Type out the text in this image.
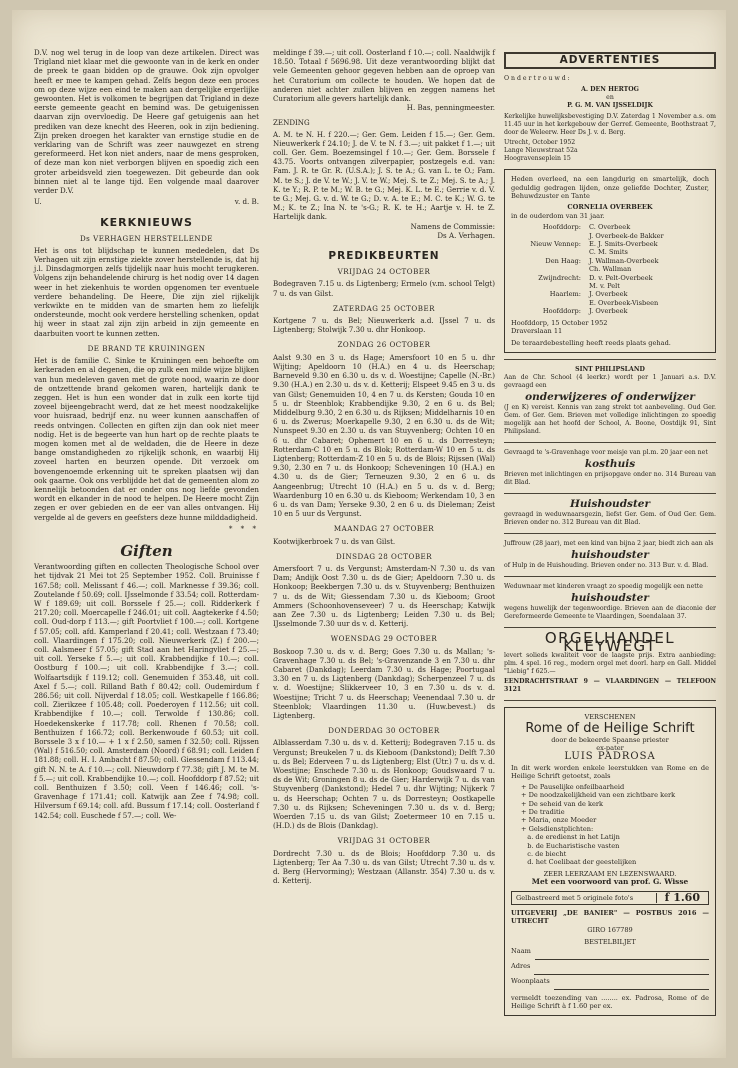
D.V. nog wel terug in de loop van deze artikelen. Direct was Trigland niet klaar met die gewoonte van in de kerk en onder de preek te gaan bidden op de grauwe. Ook zijn opvolger heeft er mee te kampen gehad. Zelfs begon deze een proces om op deze wijze een eind te maken aan dergelijke ergerlijke gewoonten. Het is volkomen te begrijpen dat Trigland in deze eerste gemeente geacht en bemind was. De getuigenissen daarvan zijn overvloedig. De Heere gaf getuigenis aan het prediken van deze knecht des Heeren, ook in zijn bediening. Zijn preken droegen het karakter van ernstige studie en de verklaring van de Schrift was zeer nauwgezet en streng gereformeerd. Het kon niet anders, naar de mens gesproken, of deze man kon niet verborgen blijven en spoedig zich een groter arbeidsveld zien toegewezen. Dit gebeurde dan ook binnen niet al te lange tijd. Een volgende maal daarover verder D.V.

U.	v. d. B.
KERKNIEUWS
Ds VERHAGEN HERSTELLENDE

Het is ons tot blijdschap te kunnen mededelen, dat Ds Verhagen uit zijn ernstige ziekte zover herstellende is, dat hij j.l. Dinsdagmorgen zelfs tijdelijk naar huis mocht terugkeren. Volgens zijn behandelende chirurg is het nodig over 14 dagen weer in het ziekenhuis te worden opgenomen ter eventuele verdere behandeling. De Heere, Die zijn ziel rijkelijk verkwikte en te midden van de smarten hem zo liefelijk ondersteunde, mocht ook verdere herstelling schenken, opdat hij weer in staat zal zijn zijn arbeid in zijn gemeente en daarbuiten voort te kunnen zetten.

DE BRAND TE KRUININGEN

Het is de familie C. Sinke te Kruiningen een behoefte om kerkeraden en al degenen, die op zulk een milde wijze blijken van hun medeleven gaven met de grote nood, waarin ze door de ontzettende brand gekomen waren, hartelijk dank te zeggen. Het is hun een wonder dat in zulk een korte tijd zoveel bijeengebracht werd, dat ze het meest noodzakelijke voor huisraad, bedrijf enz. nu weer kunnen aanschaffen of reeds ontvingen. Collecten en giften zijn dan ook niet meer nodig. Het is de begeerte van hun hart op de rechte plaats te mogen komen met al de weldaden, die de Heere in deze bange omstandigheden zo rijkelijk schonk, en waarbij Hij zoveel harten en beurzen opende. Dit verzoek om bovengenoemde erkenning uit te spreken plaatsen wij dan ook gaarne. Ook ons verblijdde het dat de gemeenten alom zo kennelijk betoonden dat er onder ons nog liefde gevonden wordt en elkander in de nood te helpen. De Heere mocht Zijn zegen er over gebieden en de eer van alles ontvangen. Hij vergelde al de gevers en geefsters deze hunne milddadigheid.

* * *
Giften

Verantwoording giften en collecten Theologische School over het tijdvak 21 Mei tot 25 September 1952. Coll. Bruinisse f 167.58; coll. Melissant f 46.—; coll. Marknesse f 39.36; coll. Zoutelande f 50.69; coll. IJsselmonde f 33.54; coll. Rotterdam-W f 189.69; uit coll. Borssele f 25.—; coll. Ridderkerk f 217.20; coll. Moercapelle f 246.01; uit coll. Aagtekerke f 4.50; coll. Oud-dorp f 113.—; gift Poortvliet f 100.—; coll. Kortgene f 57.05; coll. afd. Kamperland f 20.41; coll. Westzaan f 73.40; coll. Vlaardingen f 175.20; coll. Nieuwerkerk (Z.) f 200.—; coll. Aalsmeer f 57.05; gift Stad aan het Haringvliet f 25.—; uit coll. Yerseke f 5.—; uit coll. Krabbendijke f 10.—; coll. Oostburg f 100.—; uit coll. Krabbendijke f 3.—; coll. Wolfaartsdijk f 119.12; coll. Genemuiden f 353.48, uit coll. Axel f 5.—; coll. Rilland Bath f 80.42; coll. Oudemirdum f 286.56; uit coll. Nijverdal f 18.05; coll. Westkapelle f 166.86; coll. Zierikzee f 105.48; coll. Poederoyen f 112.56; uit coll. Krabbendijke f 10.—; coll. Terwolde f 130.86; coll. Hoedekenskerke f 117.78; coll. Rhenen f 70.58; coll. Benthuizen f 166.72; coll. Berkenwoude f 60.53; uit coll. Borssele 3 x f 10.— + 1 x f 2.50, samen f 32.50; coll. Rijssen (Wal) f 516.50; coll. Amsterdam (Noord) f 68.91; coll. Leiden f 181.88; coll. H. I. Ambacht f 87.50; coll. Giessendam f 113.44; gift N. N. te A. f 10.—; coll. Nieuwdorp f 77.38; gift J. M. te M. f 5.—; uit coll. Krabbendijke 10.—; coll. Hoofddorp f 87.52; uit coll. Benthuizen f 3.50; coll. Veen f 146.46; coll. 's-Gravenhage f 171.41; coll. Katwijk aan Zee f 74.98; coll. Hilversum f 69.14; coll. afd. Bussum f 17.14; coll. Oosterland f 142.54; coll. Euschede f 57.—; coll. We-

meldinge f 39.—; uit coll. Oosterland f 10.—; coll. Naaldwijk f 18.50. Totaal f 5696.98. Uit deze verantwoording blijkt dat vele Gemeenten gehoor gegeven hebben aan de oproep van het Curatorium om collecte te houden. We hopen dat de anderen niet achter zullen blijven en zeggen namens het Curatorium alle gevers hartelijk dank.

H. Bas, penningmeester.
ZENDING

A. M. te N. H. f 220.—; Ger. Gem. Leiden f 15.—; Ger. Gem. Nieuwerkerk f 24.10; J. de V. te N. f 3.—; uit pakket f 1.—; uit coll. Ger. Gem. Boezemsingel f 10.—; Ger. Gem. Borssele f 43.75. Voorts ontvangen zilverpapier, postzegels e.d. van: Fam. J. R. te Gr. R. (U.S.A.); J. S. te A.; G. van L. te O.; Fam. M. te S.; J. de V. te W.; J. V. te W.; Mej. S. te Z.; Mej. S. te A.; J. K. te Y.; R. P. te M.; W. B. te G.; Mej. K. L. te E.; Gerrie v. d. V. te G.; Mej. G. v. d. W. te G.; D. v. A. te E.; M. C. te K.; W. G. te M.; K. te Z.; Ina N. te 's-G.; R. K. te H.; Aartje v. H. te Z. Hartelijk dank.

Namens de Commissie:
Ds A. Verhagen.
PREDIKBEURTEN
VRIJDAG 24 OCTOBER

Bodegraven 7.15 u. ds Ligtenberg; Ermelo (v.m. school Telgt) 7 u. ds van Gilst.

ZATERDAG 25 OCTOBER

Kortgene 7 u. ds Bel; Nieuwerkerk a.d. IJssel 7 u. ds Ligtenberg; Stolwijk 7.30 u. dhr Honkoop.

ZONDAG 26 OCTOBER

Aalst 9.30 en 3 u. ds Hage; Amersfoort 10 en 5 u. dhr Wijting; Apeldoorn 10 (H.A.) en 4 u. ds Heerschap; Barneveld 9.30 en 6.30 u. ds v. d. Woestijne; Capelle (N.-Br.) 9.30 (H.A.) en 2.30 u. ds v. d. Ketterij; Elspeet 9.45 en 3 u. ds van Gilst; Genemuiden 10, 4 en 7 u. ds Kersten; Gouda 10 en 5 u. dr Steenblok; Krabbendijke 9.30, 2 en 6 u. ds Bel; Middelburg 9.30, 2 en 6.30 u. ds Rijksen; Middelharnis 10 en 6 u. ds Zwerus; Moerkapelle 9.30, 2 en 6.30 u. ds de Wit; Nunspeet 9.30 en 2.30 u. ds van Stuyvenberg; Ochten 10 en 6 u. dhr Cabaret; Ophemert 10 en 6 u. ds Dorresteyn; Rotterdam-C 10 en 5 u. ds Blok; Rotterdam-W 10 en 5 u. ds Ligtenberg; Rotterdam-Z 10 en 5 u. ds de Blois; Rijssen (Wal) 9.30, 2.30 en 7 u. ds Honkoop; Scheveningen 10 (H.A.) en 4.30 u. ds de Gier; Terneuzen 9.30, 2 en 6 u. ds Aangeenbrug; Utrecht 10 (H.A.) en 5 u. ds v. d. Berg; Waardenburg 10 en 6.30 u. ds Kieboom; Werkendam 10, 3 en 6 u. ds van Dam; Yerseke 9.30, 2 en 6 u. ds Dieleman; Zeist 10 en 5 uur ds Vergunst.

MAANDAG 27 OCTOBER

Kootwijkerbroek 7 u. ds van Gilst.

DINSDAG 28 OCTOBER

Amersfoort 7 u. ds Vergunst; Amsterdam-N 7.30 u. ds van Dam; Andijk Oost 7.30 u. ds de Gier; Apeldoorn 7.30 u. ds Honkoop; Beekbergen 7.30 u. ds v. Stuyvenberg; Benthuizen 7 u. ds de Wit; Giessendam 7.30 u. ds Kieboom; Groot Ammers (Schoonhovenseveer) 7 u. ds Heerschap; Katwijk aan Zee 7.30 u. ds Ligtenberg; Leiden 7.30 u. ds Bel; IJsselmonde 7.30 uur ds v. d. Ketterij.

WOENSDAG 29 OCTOBER

Boskoop 7.30 u. ds v. d. Berg; Goes 7.30 u. ds Mallan; 's-Gravenhage 7.30 u. ds Bel; 's-Gravenzande 3 en 7.30 u. dhr Cabaret (Dankdag); Leerdam 7.30 u. ds Hage; Poortugaal 3.30 en 7 u. ds Ligtenberg (Dankdag); Scherpenzeel 7 u. ds v. d. Woestijne; Slikkerveer 10, 3 en 7.30 u. ds v. d. Woestijne; Tricht 7 u. ds Heerschap; Veenendaal 7.30 u. dr Steenblok; Vlaardingen 11.30 u. (Huw.bevest.) ds Ligtenberg.

DONDERDAG 30 OCTOBER

Alblasserdam 7.30 u. ds v. d. Ketterij; Bodegraven 7.15 u. ds Vergunst; Breukelen 7 u. ds Kieboom (Dankstond); Delft 7.30 u. ds Bel; Ederveen 7 u. ds Ligtenberg; Elst (Utr.) 7 u. ds v. d. Woestijne; Enschede 7.30 u. ds Honkoop; Goudswaard 7 u. ds de Wit; Groningen 8 u. ds de Gier; Harderwijk 7 u. ds van Stuyvenberg (Dankstond); Hedel 7 u. dhr Wijting; Nijkerk 7 u. ds Heerschap; Ochten 7 u. ds Dorresteyn; Oostkapelle 7.30 u. ds Rijksen; Scheveningen 7.30 u. ds v. d. Berg; Woerden 7.15 u. ds van Gilst; Zoetermeer 10 en 7.15 u. (H.D.) ds de Blois (Dankdag).

VRIJDAG 31 OCTOBER

Dordrecht 7.30 u. ds de Blois; Hoofddorp 7.30 u. ds Ligtenberg; Ter Aa 7.30 u. ds van Gilst; Utrecht 7.30 u. ds v. d. Berg (Hervorming); Westzaan (Allanstr. 354) 7.30 u. ds v. d. Ketterij.

ADVERTENTIES
O n d e r t r o u w d :
A. DEN HERTOG
en
P. G. M. VAN IJSSELDIJK
Kerkelijke huwelijksbevestiging D.V. Zaterdag 1 November a.s. om 11.45 uur in het kerkgebouw der Gerref. Gemeente, Boothstraat 7, door de Weleerw. Heer Ds J. v. d. Berg.
Utrecht, October 1952
Lange Nieuwstraat 52a
Hoogravenseplein 15
Heden overleed, na een langdurig en smartelijk, doch geduldig gedragen lijden, onze geliefde Dochter, Zuster, Behuwdzuster en Tante
CORNELIA OVERBEEK
in de ouderdom van 31 jaar.
Hoofddorp:	C. Overbeek
J. Overbeek-de Bakker
Nieuw Vennep:	E. J. Smits-Overbeek
C. M. Smits
Den Haag:	J. Wallman-Overbeek
Ch. Wallman
Zwijndrecht:	D. v. Pelt-Overbeek
M. v. Pelt
Haarlem:	J. Overbeek
E. Overbeek-Visbeen
Hoofddorp:	J. Overbeek
Hoofddorp, 15 October 1952
Draverslaan 11
De teraardebestelling heeft reeds plaats gehad.
SINT PHILIPSLAND
Aan de Chr. School (4 leerkr.) wordt per 1 Januari a.s. D.V. gevraagd een
onderwijzeres of onderwijzer
(J en K) vereist. Kennis van zang strekt tot aanbeveling. Oud Ger. Gem. of Ger. Gem. Brieven met volledige inlichtingen zo spoedig mogelijk aan het hoofd der School, A. Boone, Oostdijk 91, Sint Philipsland.
Gevraagd te 's-Gravenhage voor meisje van pl.m. 20 jaar een net
kosthuis
Brieven met inlichtingen en prijsopgave onder no. 314 Bureau van dit Blad.
Huishoudster
gevraagd in weduwnaarsgezin, liefst Ger. Gem. of Oud Ger. Gem. Brieven onder no. 312 Bureau van dit Blad.
Juffrouw (28 jaar), met een kind van bijna 2 jaar, biedt zich aan als
huishoudster
of Hulp in de Huishouding. Brieven onder no. 313 Bur. v. d. Blad.
Weduwnaar met kinderen vraagt zo spoedig mogelijk een nette
huishoudster
wegens huwelijk der tegenwoordige. Brieven aan de diaconie der Gereformeerde Gemeente te Vlaardingen, Soendalaan 37.
ORGELHANDEL KLEYWEGT
levert solieds kwaliteit voor de laagste prijs. Extra aanbieding: plm. 4 spel. 16 reg., modern orgel met doorl. harp en Gall. Middel "Liebig" f 625.—
EENDRACHTSTRAAT 9 — VLAARDINGEN — TELEFOON 3121
VERSCHENEN
Rome of de Heilige Schrift
door de bekeerde Spaanse priester
ex-pater
LUIS PADROSA
In dit werk worden enkele leerstukken van Rome en de Heilige Schrift getoetst, zoals
+ De Pauselijke onfeilbaarheid
+ De noodzakelijkheid van een zichtbare kerk
+ De seheid van de kerk
+ De traditie
+ Maria, onze Moeder
+ Gelsdienstplichten:
a. de eredienst in het Latijn
b. de Eucharistische vasten
c. de biecht
d. het Coelibaat der geestelijken
ZEER LEERZAAM EN LEZENSWAARD.
Met een voorwoord van prof. G. Wisse
Gelbastreerd met 5 originele foto's	f 1.60
UITGEVERIJ „DE BANIER" — POSTBUS 2016 — UTRECHT
GIRO 167789
BESTELBILJET
Naam
Adres
Woonplaats
vermeldt toezending van ........ ex. Padrosa, Rome of de Heilige Schrift à f 1.60 per ex.
